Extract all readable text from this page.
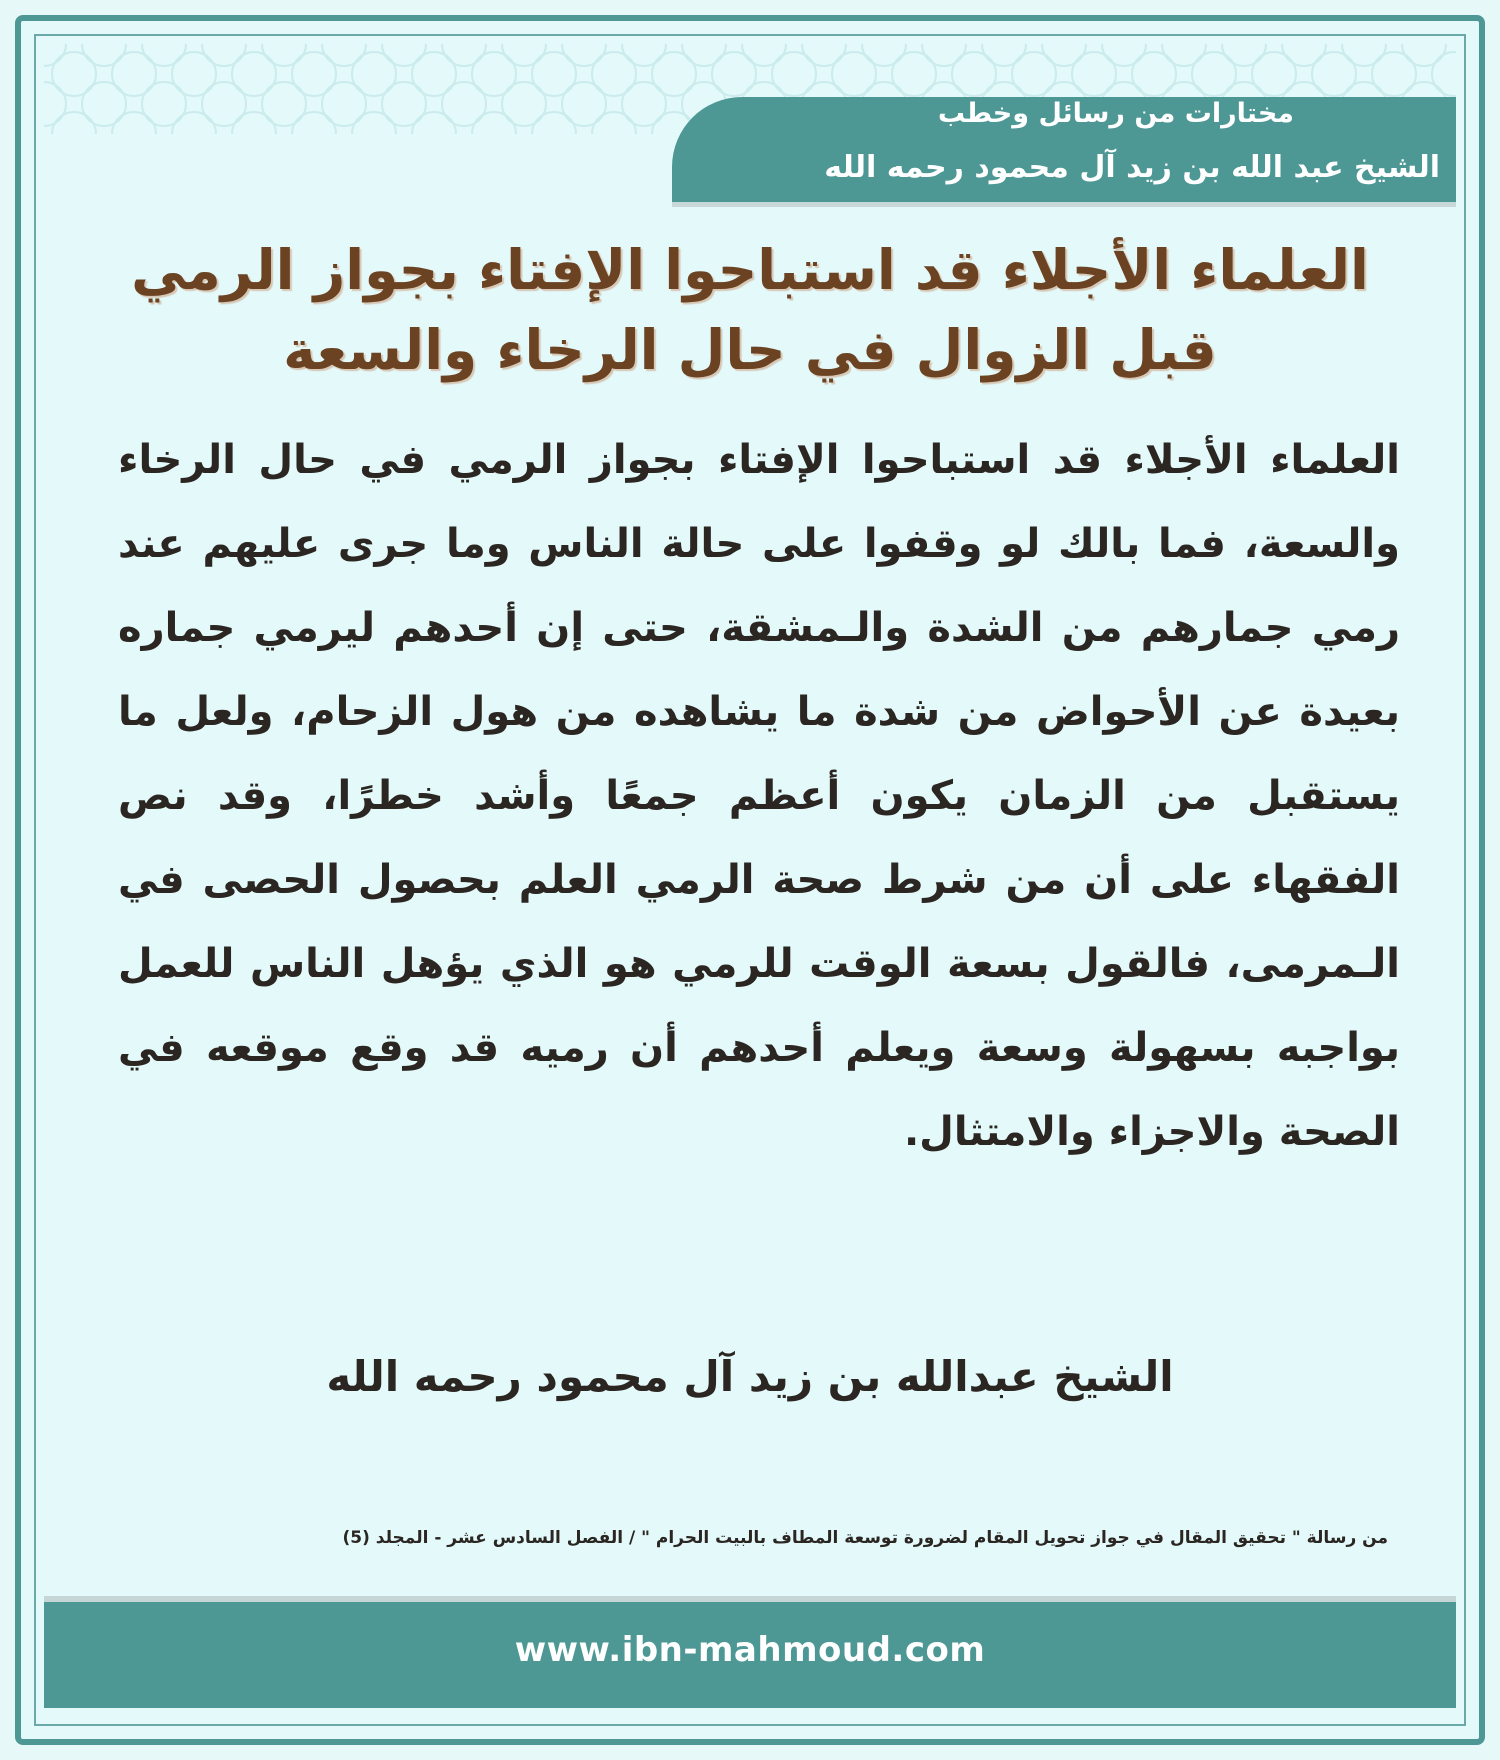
مختارات من رسائل وخطب
الشيخ عبد الله بن زيد آل محمود رحمه الله
العلماء الأجلاء قد استباحوا الإفتاء بجواز الرمي
قبل الزوال في حال الرخاء والسعة

العلماء الأجلاء قد استباحوا الإفتاء بجواز الرمي في حال الرخاء والسعة، فما بالك لو وقفوا على حالة الناس وما جرى عليهم عند رمي جمارهم من الشدة والـمشقة، حتى إن أحدهم ليرمي جماره بعيدة عن الأحواض من شدة ما يشاهده من هول الزحام، ولعل ما يستقبل من الزمان يكون أعظم جمعًا وأشد خطرًا، وقد نص الفقهاء على أن من شرط صحة الرمي العلم بحصول الحصى في الـمرمى، فالقول بسعة الوقت للرمي هو الذي يؤهل الناس للعمل بواجبه بسهولة وسعة ويعلم أحدهم أن رميه قد وقع موقعه في الصحة والاجزاء والامتثال.

الشيخ عبدالله بن زيد آل محمود رحمه الله
من رسالة " تحقيق المقال في جواز تحويل المقام لضرورة توسعة المطاف بالبيت الحرام " / الفصل السادس عشر - المجلد (5)
www.ibn-mahmoud.com
